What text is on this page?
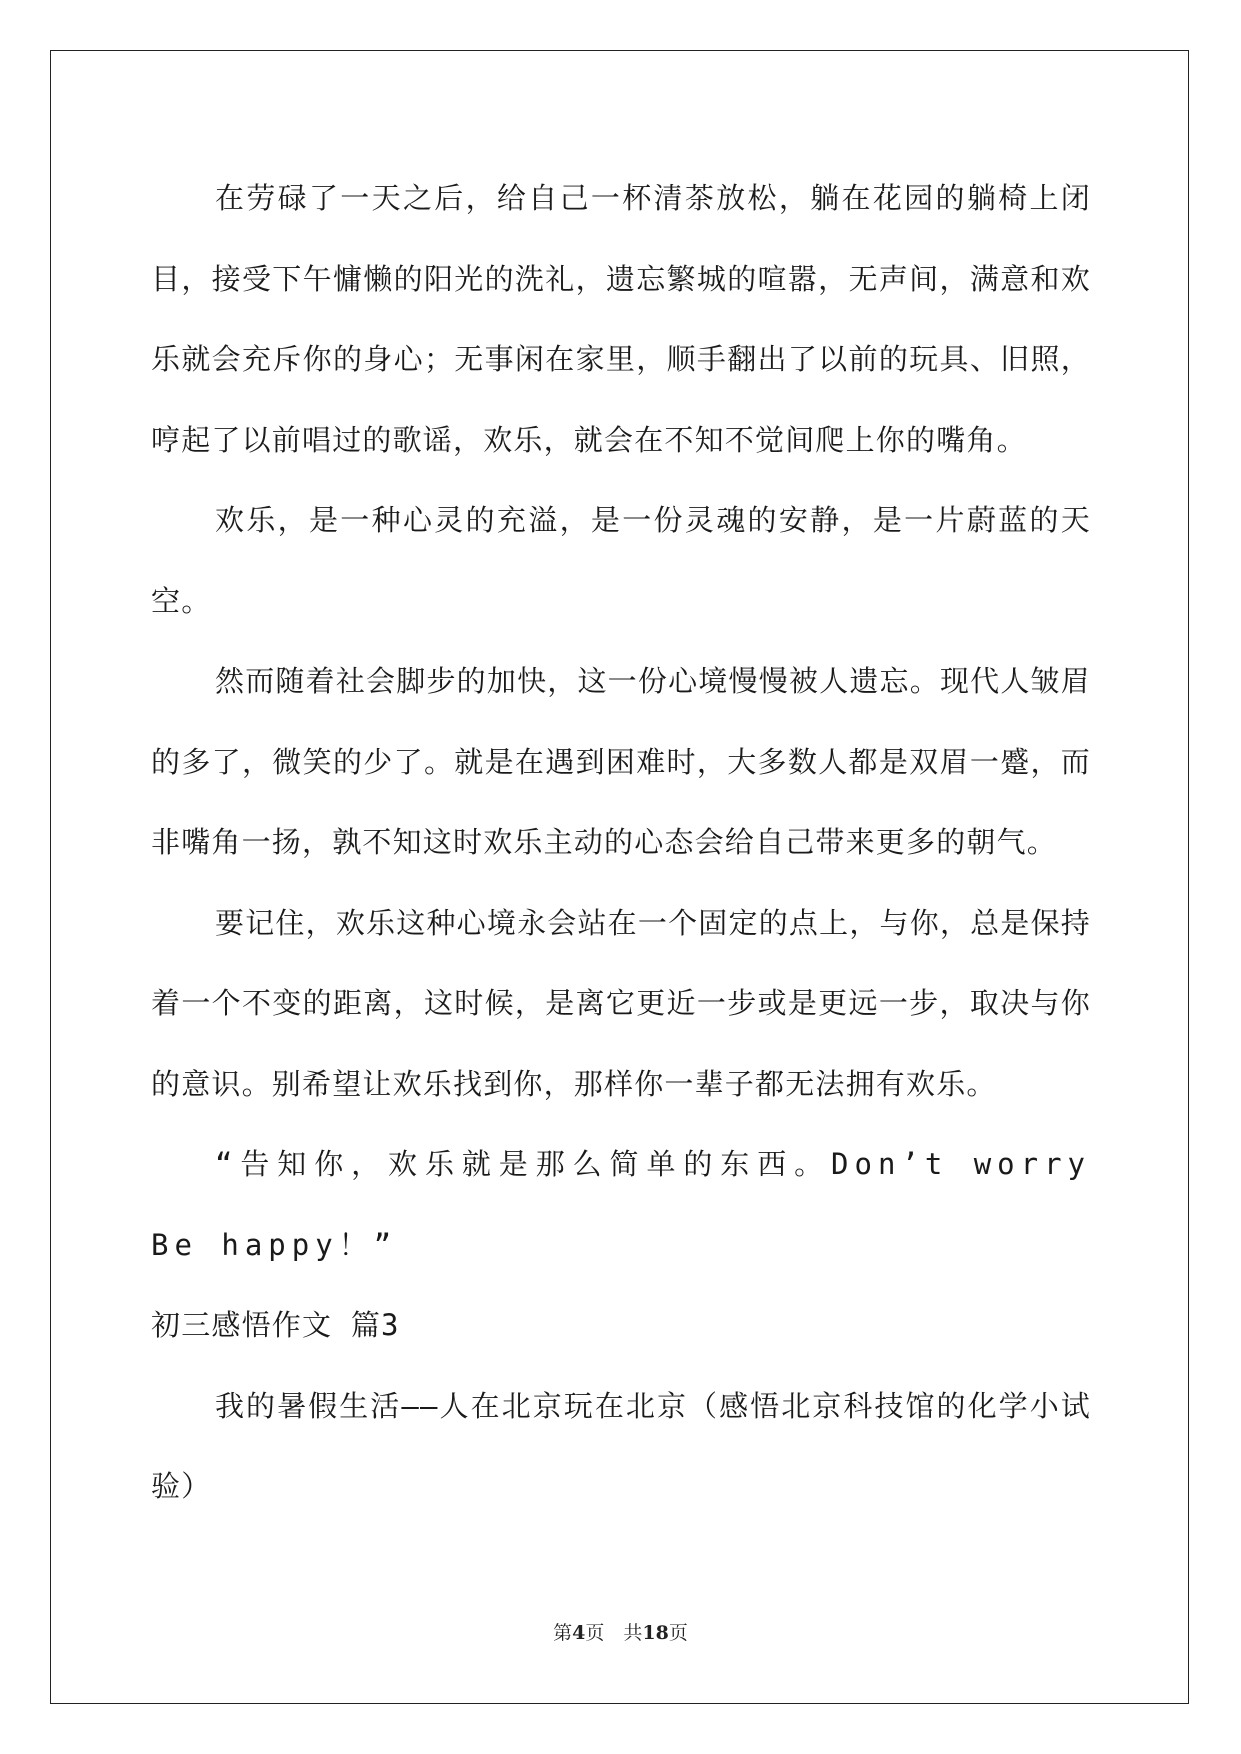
在劳碌了一天之后，给自己一杯清茶放松，躺在花园的躺椅上闭目，接受下午慵懒的阳光的洗礼，遗忘繁城的喧嚣，无声间，满意和欢乐就会充斥你的身心；无事闲在家里，顺手翻出了以前的玩具、旧照，哼起了以前唱过的歌谣，欢乐，就会在不知不觉间爬上你的嘴角。

欢乐，是一种心灵的充溢，是一份灵魂的安静，是一片蔚蓝的天空。

然而随着社会脚步的加快，这一份心境慢慢被人遗忘。现代人皱眉的多了，微笑的少了。就是在遇到困难时，大多数人都是双眉一蹙，而非嘴角一扬，孰不知这时欢乐主动的心态会给自己带来更多的朝气。

要记住，欢乐这种心境永会站在一个固定的点上，与你，总是保持着一个不变的距离，这时候，是离它更近一步或是更远一步，取决与你的意识。别希望让欢乐找到你，那样你一辈子都无法拥有欢乐。

“告知你，欢乐就是那么简单的东西。Don’t worry Be happy！”

初三感悟作文 篇3

我的暑假生活——人在北京玩在北京（感悟北京科技馆的化学小试验）

第4页　共18页
